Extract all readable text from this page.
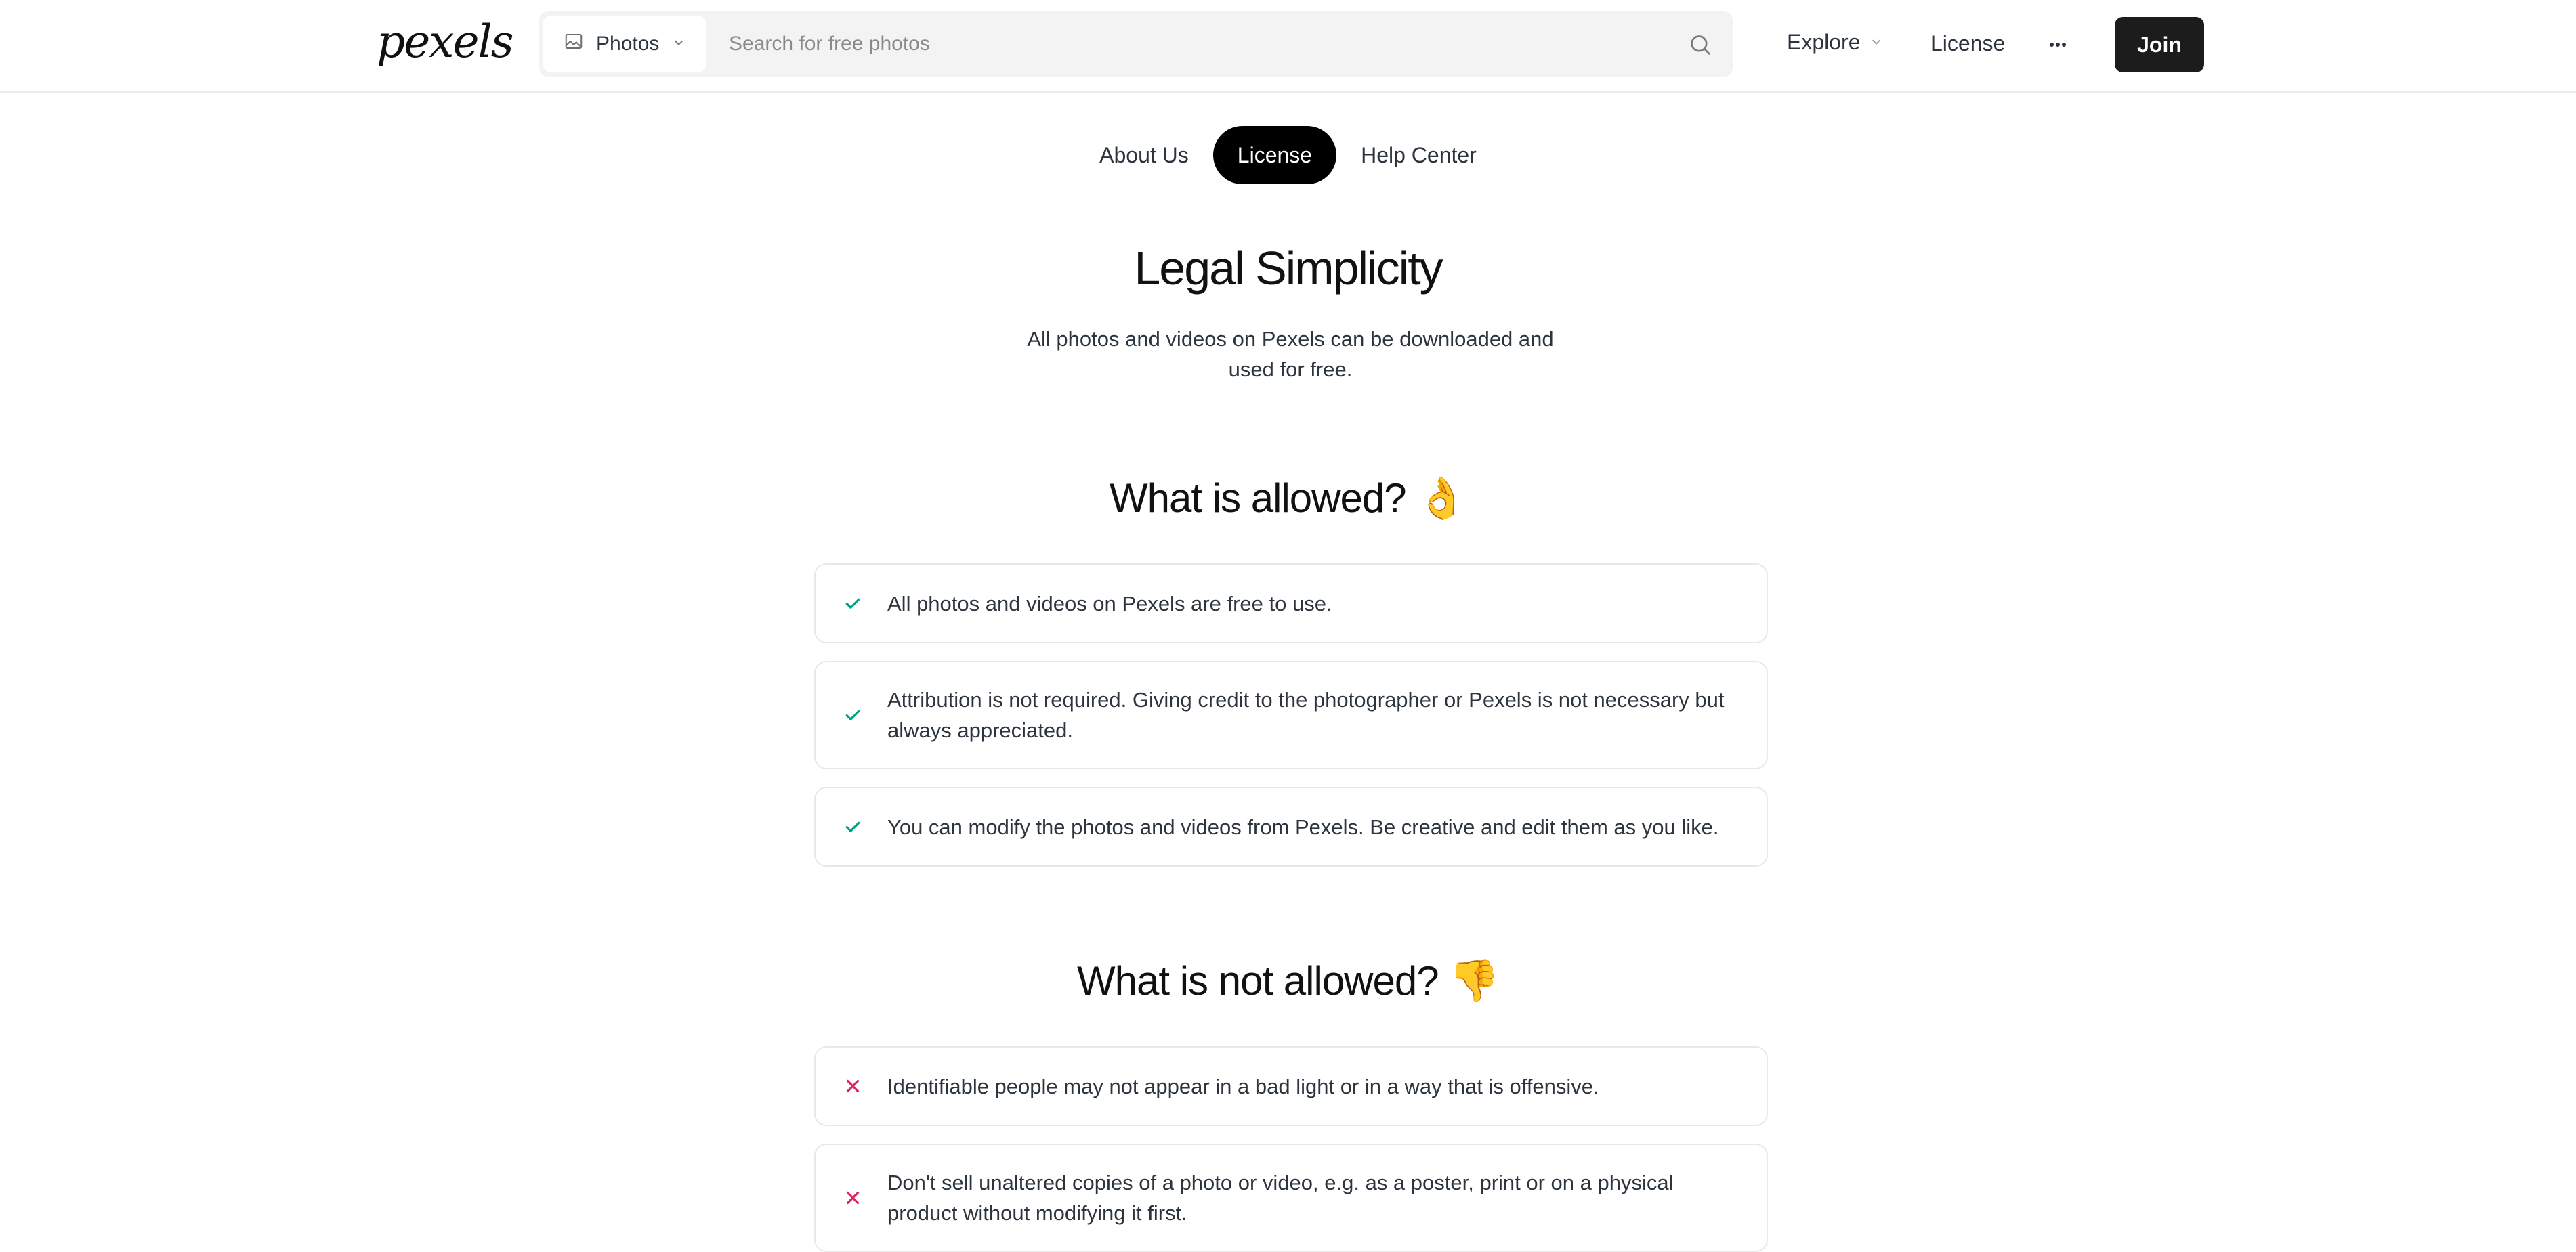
pexels	Photos
Search for free photos	Explore	License	Join
About Us	License	Help Center
Legal Simplicity

All photos and videos on Pexels can be downloaded and used for free.

What is allowed? 👌
All photos and videos on Pexels are free to use.
Attribution is not required. Giving credit to the photographer or Pexels is not necessary but always appreciated.
You can modify the photos and videos from Pexels. Be creative and edit them as you like.
What is not allowed? 👎
Identifiable people may not appear in a bad light or in a way that is offensive.
Don't sell unaltered copies of a photo or video, e.g. as a poster, print or on a physical product without modifying it first.
